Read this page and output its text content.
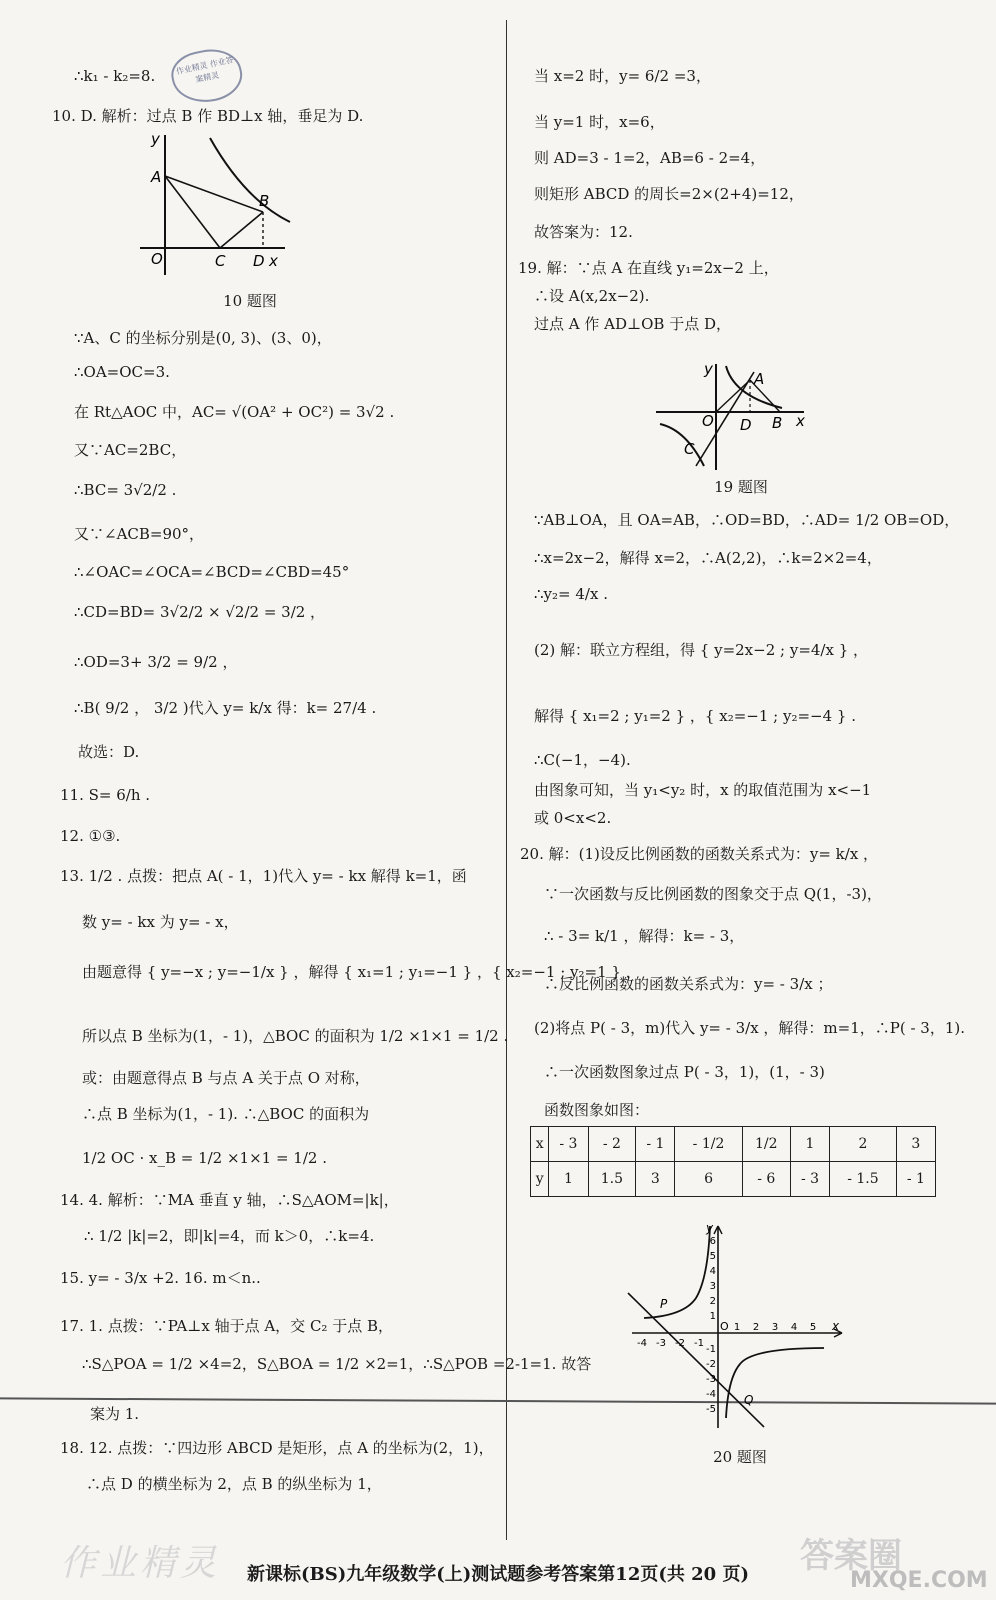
作业精灵 作业答案精灵
作业精灵	答案圈
MXQE.COM
∴k₁ - k₂=8.
10. D. 解析：过点 B 作 BD⊥x 轴，垂足为 D.
y
A
B
O	C D x
10 题图
∵A、C 的坐标分别是(0, 3)、(3、0)，
∴OA=OC=3.
在 Rt△AOC 中，AC= √(OA² + OC²) = 3√2 .
又∵AC=2BC，
∴BC= 3√2/2 .
又∵∠ACB=90°，
∴∠OAC=∠OCA=∠BCD=∠CBD=45°
∴CD=BD= 3√2/2 × √2/2 = 3/2 ，
∴OD=3+ 3/2 = 9/2 ，
∴B( 9/2 ， 3/2 )代入 y= k/x 得：k= 27/4 .
故选：D.
11. S= 6/h .
12. ①③.
13. 1/2 . 点拨：把点 A( - 1，1)代入 y= - kx 解得 k=1，函
数 y= - kx 为 y= - x，
由题意得 { y=−x ; y=−1/x } ，解得 { x₁=1 ; y₁=−1 } ，{ x₂=−1 ; y₂=1 } ，
所以点 B 坐标为(1，- 1)，△BOC 的面积为 1/2 ×1×1 = 1/2 .
或：由题意得点 B 与点 A 关于点 O 对称，
∴点 B 坐标为(1，- 1). ∴△BOC 的面积为
1/2 OC · x_B = 1/2 ×1×1 = 1/2 .
14. 4. 解析：∵MA 垂直 y 轴，∴S△AOM=|k|，
∴ 1/2 |k|=2，即|k|=4，而 k＞0，∴k=4.
15. y= - 3/x +2. 16. m＜n..
17. 1. 点拨：∵PA⊥x 轴于点 A，交 C₂ 于点 B，
∴S△POA = 1/2 ×4=2，S△BOA = 1/2 ×2=1，∴S△POB =2-1=1. 故答
案为 1.
18. 12. 点拨：∵四边形 ABCD 是矩形，点 A 的坐标为(2，1)，
∴点 D 的横坐标为 2，点 B 的纵坐标为 1，
当 x=2 时，y= 6/2 =3，
当 y=1 时，x=6，
则 AD=3 - 1=2，AB=6 - 2=4，
则矩形 ABCD 的周长=2×(2+4)=12，
故答案为：12.
19. 解：∵点 A 在直线 y₁=2x−2 上，
∴设 A(x,2x−2).
过点 A 作 AD⊥OB 于点 D，
y
A
O D B x
C
19 题图
∵AB⊥OA，且 OA=AB，∴OD=BD，∴AD= 1/2 OB=OD，
∴x=2x−2，解得 x=2，∴A(2,2)，∴k=2×2=4，
∴y₂= 4/x .
(2) 解：联立方程组，得 { y=2x−2 ; y=4/x } ，
解得 { x₁=2 ; y₁=2 } ，{ x₂=−1 ; y₂=−4 } .
∴C(−1，−4).
由图象可知，当 y₁<y₂ 时，x 的取值范围为 x<−1
或 0<x<2.
20. 解：(1)设反比例函数的函数关系式为：y= k/x ，
∵一次函数与反比例函数的图象交于点 Q(1，-3)，
∴ - 3= k/1 ，解得：k= - 3，
∴反比例函数的函数关系式为：y= - 3/x ；
(2)将点 P( - 3，m)代入 y= - 3/x ，解得：m=1，∴P( - 3，1).
∴一次函数图象过点 P( - 3，1)，(1，- 3)
函数图象如图：
x	- 3	- 2	- 1	- 1/2	1/2	1	2	3
y	1	1.5	3	6	- 6	- 3	- 1.5	- 1
y
x
O
P
Q
6
5
4
3
2
1
-1
-2
-3
-4
-5
-4 -3 -2 -1
1 2 3 4 5
20 题图
新课标(BS)九年级数学(上)测试题参考答案第12页(共 20 页)
